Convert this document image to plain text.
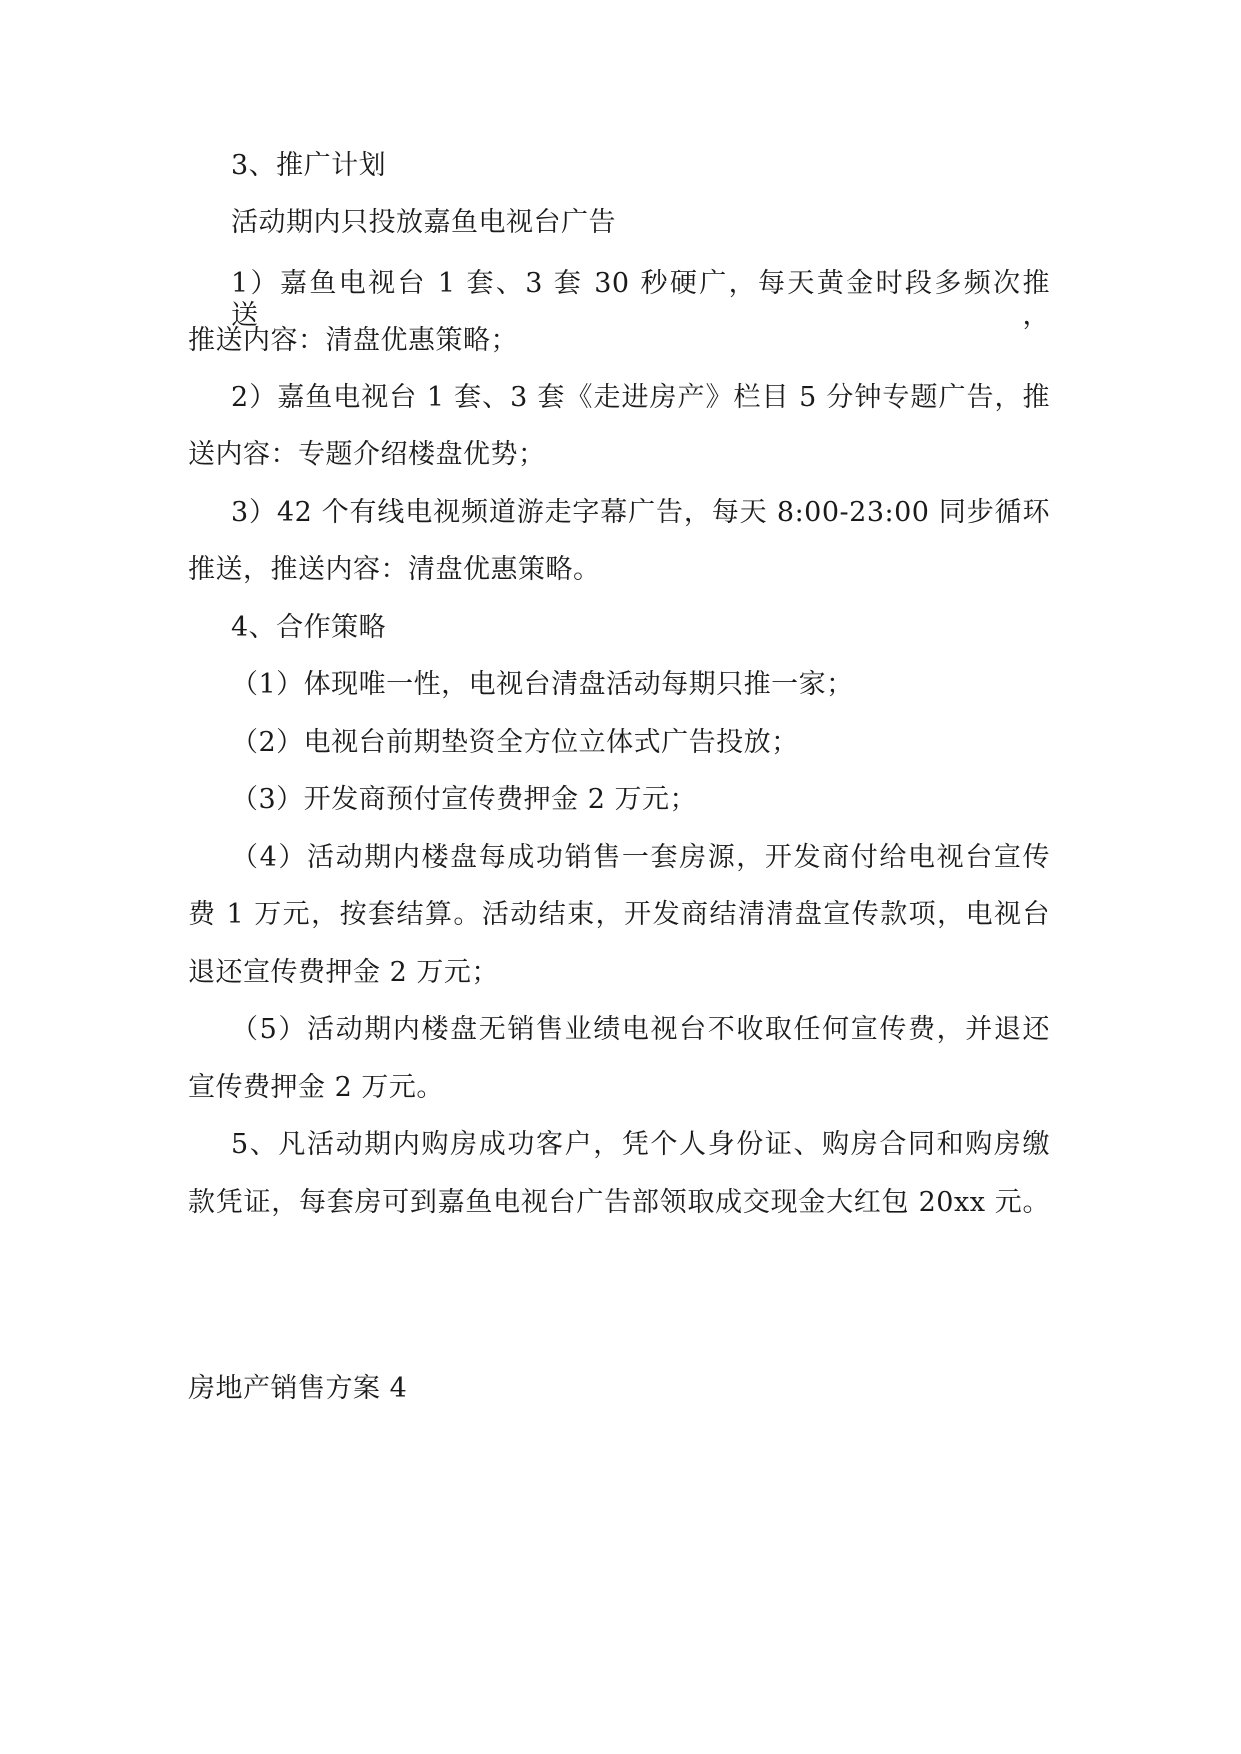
3、推广计划
活动期内只投放嘉鱼电视台广告
1）嘉鱼电视台 1 套、3 套 30 秒硬广，每天黄金时段多频次推送，
推送内容：清盘优惠策略；
2）嘉鱼电视台 1 套、3 套《走进房产》栏目 5 分钟专题广告，推
送内容：专题介绍楼盘优势；
3）42 个有线电视频道游走字幕广告，每天 8:00-23:00 同步循环
推送，推送内容：清盘优惠策略。
4、合作策略
（1）体现唯一性，电视台清盘活动每期只推一家；
（2）电视台前期垫资全方位立体式广告投放；
（3）开发商预付宣传费押金 2 万元；
（4）活动期内楼盘每成功销售一套房源，开发商付给电视台宣传
费 1 万元，按套结算。活动结束，开发商结清清盘宣传款项，电视台
退还宣传费押金 2 万元；
（5）活动期内楼盘无销售业绩电视台不收取任何宣传费，并退还
宣传费押金 2 万元。
5、凡活动期内购房成功客户，凭个人身份证、购房合同和购房缴
款凭证，每套房可到嘉鱼电视台广告部领取成交现金大红包 20xx 元。
房地产销售方案 4
